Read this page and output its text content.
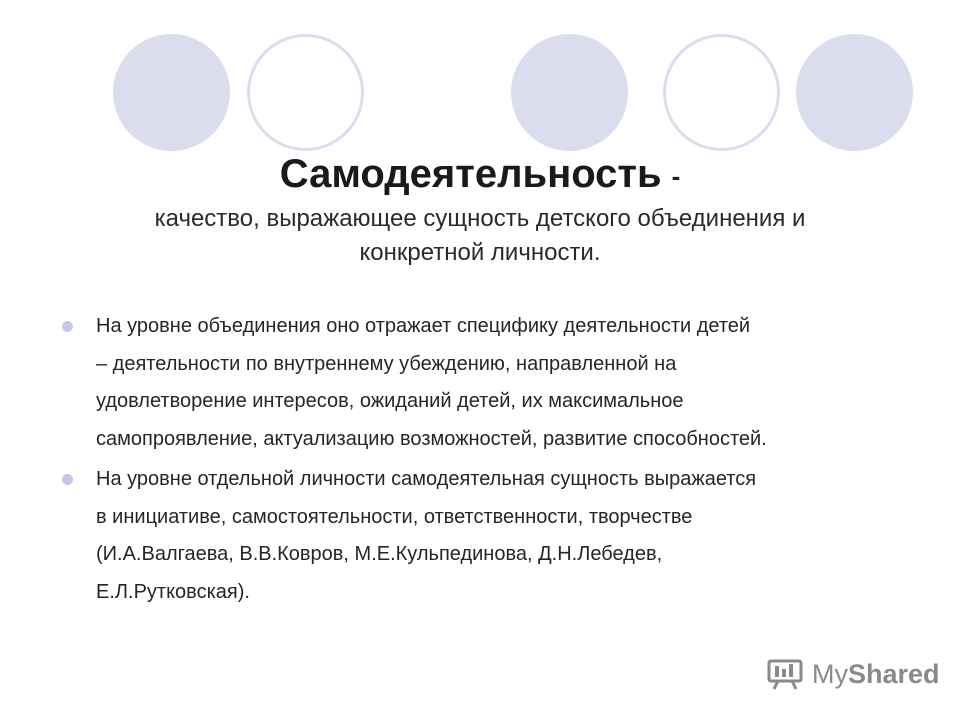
Самодеятельность -
качество, выражающее сущность детского объединения и
конкретной личности.
На уровне объединения оно отражает специфику деятельности детей
– деятельности по внутреннему убеждению, направленной на
удовлетворение интересов, ожиданий детей, их максимальное
самопроявление, актуализацию возможностей, развитие способностей.
На уровне отдельной личности самодеятельная сущность выражается
в инициативе, самостоятельности, ответственности, творчестве
(И.А.Валгаева, В.В.Ковров, М.Е.Кульпединова, Д.Н.Лебедев,
Е.Л.Рутковская).
MyShared
